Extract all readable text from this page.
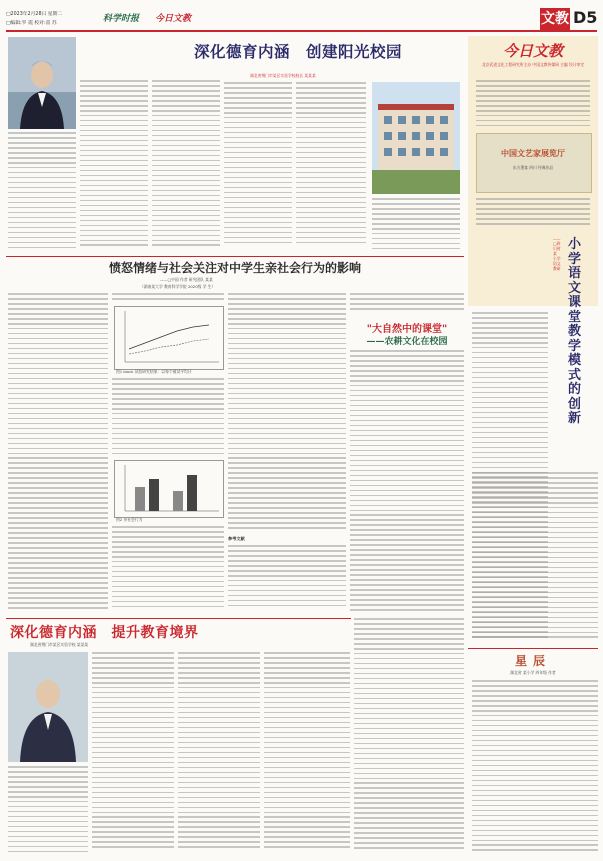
□2023年2月28日 星期二
□编辑:罗 霞 校对:雷 苏	科学时报 今日文教	文教 D5
深化德育内涵　创建阳光校园
湖北省荆门市某区实验学校校长 某某某
今日文教
北京武进文化工程研究所主办 中国文教传媒网 主编 设计审定
中国文艺家展览厅
东方墨客 四川 经典作品
小学语文课堂教学模式的创新
——□四川省 某 小学 语文教研
星辰
湖北省 某小学 四年级 作者
愤怒情绪与社会关注对中学生亲社会行为的影响
——□中国 作者 研究团队 某某
（湖南某大学 教育科学学院 2020级 学 生）
图1 block 试验研究结果：以每个被试平均计
图2 亲社会行为
参考文献
"大自然中的课堂"
——农耕文化在校园
深化德育内涵　提升教育境界
湖北省荆门市某区实验学校 某某某
